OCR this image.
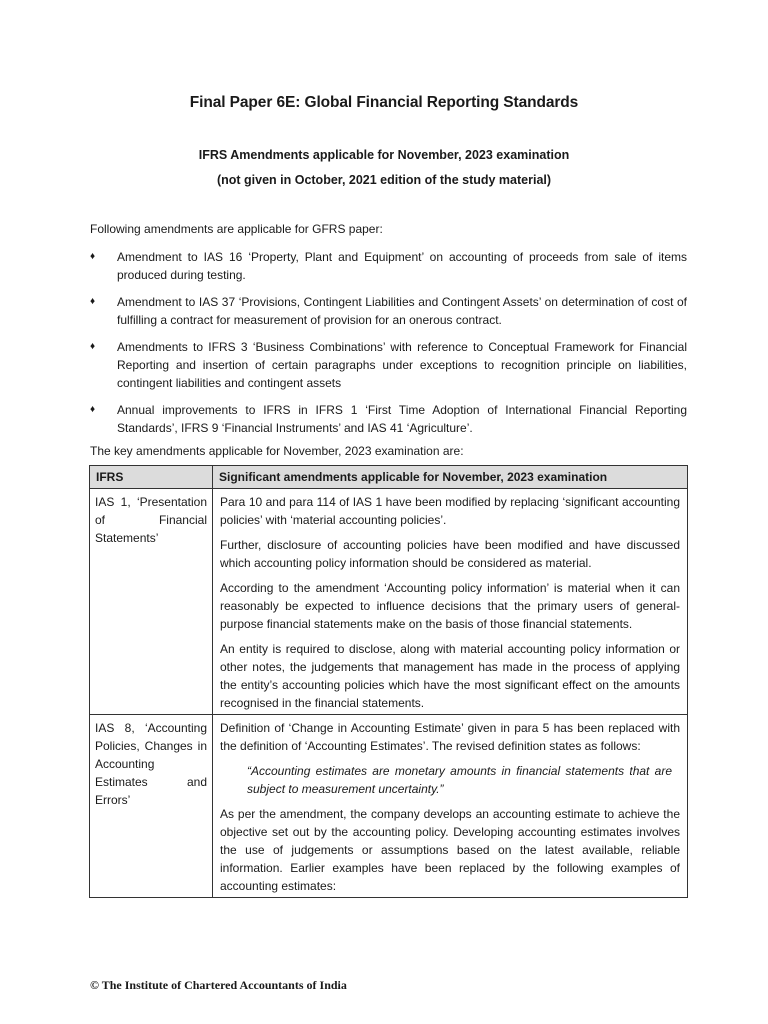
Final Paper 6E: Global Financial Reporting Standards
IFRS Amendments applicable for November, 2023 examination
(not given in October, 2021 edition of the study material)
Following amendments are applicable for GFRS paper:
♦ Amendment to IAS 16 ‘Property, Plant and Equipment’ on accounting of proceeds from sale of items produced during testing.
♦ Amendment to IAS 37 ‘Provisions, Contingent Liabilities and Contingent Assets’ on determination of cost of fulfilling a contract for measurement of provision for an onerous contract.
♦ Amendments to IFRS 3 ‘Business Combinations’ with reference to Conceptual Framework for Financial Reporting and insertion of certain paragraphs under exceptions to recognition principle on liabilities, contingent liabilities and contingent assets
♦ Annual improvements to IFRS in IFRS 1 ‘First Time Adoption of International Financial Reporting Standards’, IFRS 9 ‘Financial Instruments’ and IAS 41 ‘Agriculture’.
The key amendments applicable for November, 2023 examination are:
IFRS	Significant amendments applicable for November, 2023 examination
IAS 1, ‘Presentation of Financial Statements’	Para 10 and para 114 of IAS 1 have been modified by replacing ‘significant accounting policies’ with ‘material accounting policies’.

Further, disclosure of accounting policies have been modified and have discussed which accounting policy information should be considered as material.

According to the amendment ‘Accounting policy information’ is material when it can reasonably be expected to influence decisions that the primary users of general-purpose financial statements make on the basis of those financial statements.

An entity is required to disclose, along with material accounting policy information or other notes, the judgements that management has made in the process of applying the entity’s accounting policies which have the most significant effect on the amounts recognised in the financial statements.

IAS 8, ‘Accounting Policies, Changes in Accounting Estimates and Errors’	Definition of ‘Change in Accounting Estimate’ given in para 5 has been replaced with the definition of ‘Accounting Estimates’. The revised definition states as follows:

“Accounting estimates are monetary amounts in financial statements that are subject to measurement uncertainty.”

As per the amendment, the company develops an accounting estimate to achieve the objective set out by the accounting policy. Developing accounting estimates involves the use of judgements or assumptions based on the latest available, reliable information. Earlier examples have been replaced by the following examples of accounting estimates:

© The Institute of Chartered Accountants of India
